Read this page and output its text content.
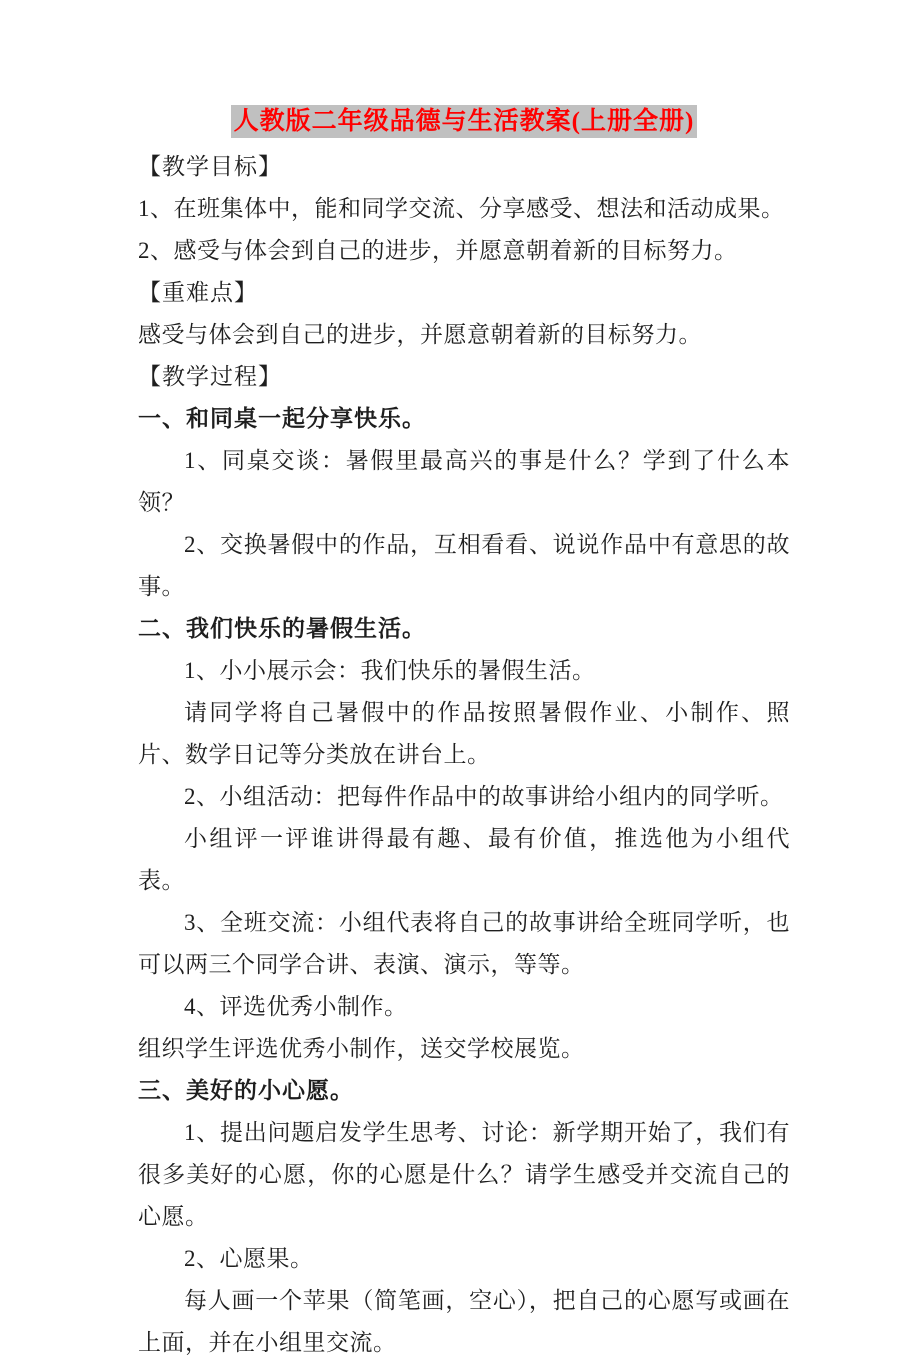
人教版二年级品德与生活教案(上册全册)

【教学目标】

1、在班集体中，能和同学交流、分享感受、想法和活动成果。

2、感受与体会到自己的进步，并愿意朝着新的目标努力。

【重难点】

感受与体会到自己的进步，并愿意朝着新的目标努力。

【教学过程】

一、和同桌一起分享快乐。

1、同桌交谈：暑假里最高兴的事是什么？学到了什么本领？

2、交换暑假中的作品，互相看看、说说作品中有意思的故事。

二、我们快乐的暑假生活。

1、小小展示会：我们快乐的暑假生活。

请同学将自己暑假中的作品按照暑假作业、小制作、照片、数学日记等分类放在讲台上。

2、小组活动：把每件作品中的故事讲给小组内的同学听。

小组评一评谁讲得最有趣、最有价值，推选他为小组代表。

3、全班交流：小组代表将自己的故事讲给全班同学听，也可以两三个同学合讲、表演、演示，等等。

4、评选优秀小制作。

组织学生评选优秀小制作，送交学校展览。

三、美好的小心愿。

1、提出问题启发学生思考、讨论：新学期开始了，我们有很多美好的心愿，你的心愿是什么？请学生感受并交流自己的心愿。

2、心愿果。

每人画一个苹果（简笔画，空心），把自己的心愿写或画在上面，并在小组里交流。
